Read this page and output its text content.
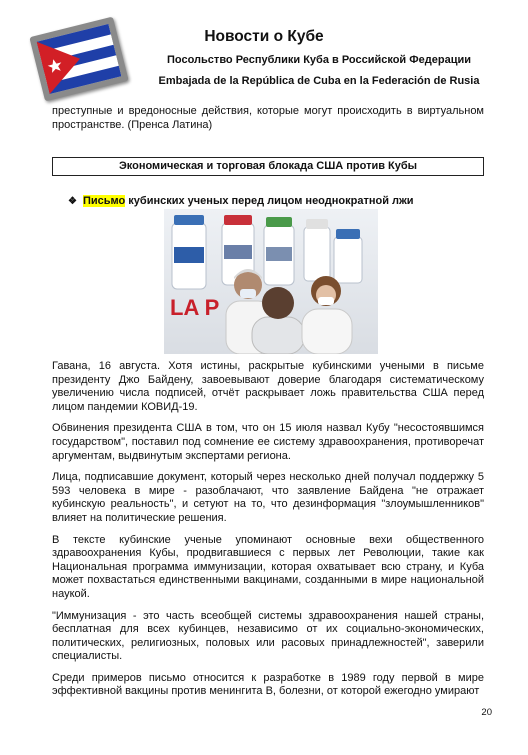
Новости о Кубе
Посольство Республики Куба в Российской Федерации
Embajada de la República de Cuba en la Federación de Rusia
преступные и вредоносные действия, которые могут происходить в виртуальном пространстве. (Пренса Латина)
Экономическая и торговая блокада США против Кубы
❖ Письмо кубинских ученых перед лицом неоднократной лжи
LA P

Гавана, 16 августа. Хотя истины, раскрытые кубинскими учеными в письме президенту Джо Байдену, завоевывают доверие благодаря систематическому увеличению числа подписей, отчёт раскрывает ложь правительства США перед лицом пандемии КОВИД-19.

Обвинения президента США в том, что он 15 июля назвал Кубу "несостоявшимся государством", поставил под сомнение ее систему здравоохранения, противоречат аргументам, выдвинутым экспертами региона.

Лица, подписавшие документ, который через несколько дней получал поддержку 5 593 человека в мире - разоблачают, что заявление Байдена "не отражает кубинскую реальность", и сетуют на то, что дезинформация "злоумышленников" влияет на политические решения.

В тексте кубинские ученые упоминают основные вехи общественного здравоохранения Кубы, продвигавшиеся с первых лет Революции, такие как Национальная программа иммунизации, которая охватывает всю страну, и Куба может похвастаться единственными вакцинами, созданными в мире национальной наукой.

"Иммунизация - это часть всеобщей системы здравоохранения нашей страны, бесплатная для всех кубинцев, независимо от их социально-экономических, политических, религиозных, половых или расовых принадлежностей", заверили специалисты.

Среди примеров письмо относится к разработке в 1989 году первой в мире эффективной вакцины против менингита B, болезни, от которой ежегодно умирают

20
